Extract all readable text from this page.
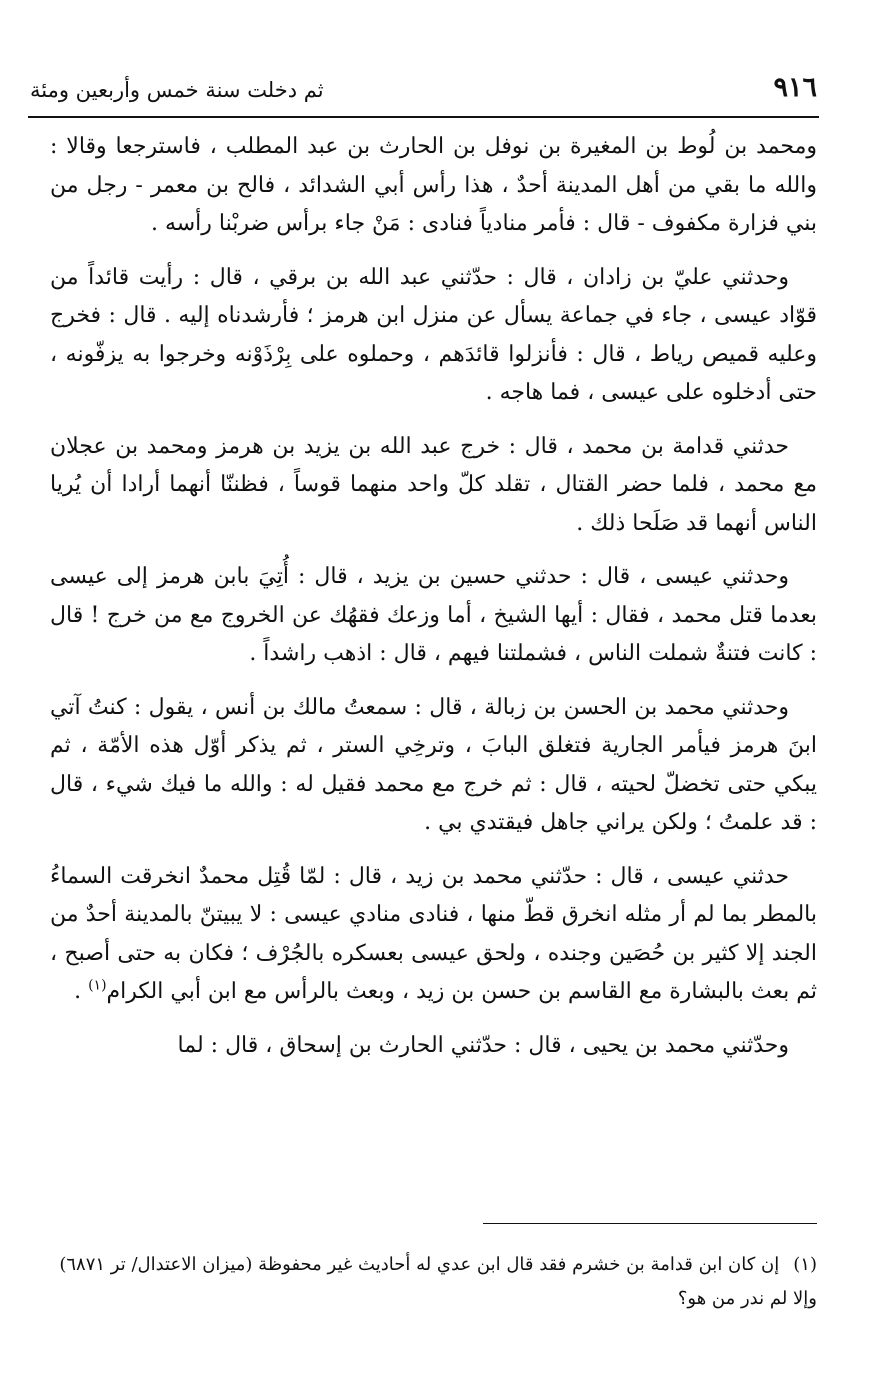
٩١٦
ثم دخلت سنة خمس وأربعين ومئة

ومحمد بن لُوط بن المغيرة بن نوفل بن الحارث بن عبد المطلب ، فاسترجعا وقالا : والله ما بقي من أهل المدينة أحدٌ ، هذا رأس أبي الشدائد ، فالح بن معمر - رجل من بني فزارة مكفوف - قال : فأمر منادياً فنادى : مَنْ جاء برأس ضربْنا رأسه .

وحدثني عليّ بن زادان ، قال : حدّثني عبد الله بن برقي ، قال : رأيت قائداً من قوّاد عيسى ، جاء في جماعة يسأل عن منزل ابن هرمز ؛ فأرشدناه إليه . قال : فخرج وعليه قميص رياط ، قال : فأنزلوا قائدَهم ، وحملوه على بِرْذَوْنه وخرجوا به يزفّونه ، حتى أدخلوه على عيسى ، فما هاجه .

حدثني قدامة بن محمد ، قال : خرج عبد الله بن يزيد بن هرمز ومحمد بن عجلان مع محمد ، فلما حضر القتال ، تقلد كلّ واحد منهما قوساً ، فظننّا أنهما أرادا أن يُريا الناس أنهما قد صَلَحا ذلك .

وحدثني عيسى ، قال : حدثني حسين بن يزيد ، قال : أُتِيَ بابن هرمز إلى عيسى بعدما قتل محمد ، فقال : أيها الشيخ ، أما وزعك فقهُك عن الخروج مع من خرج ! قال : كانت فتنةٌ شملت الناس ، فشملتنا فيهم ، قال : اذهب راشداً .

وحدثني محمد بن الحسن بن زبالة ، قال : سمعتُ مالك بن أنس ، يقول : كنتُ آتي ابنَ هرمز فيأمر الجارية فتغلق البابَ ، وترخِي الستر ، ثم يذكر أوّل هذه الأمّة ، ثم يبكي حتى تخضلّ لحيته ، قال : ثم خرج مع محمد فقيل له : والله ما فيك شيء ، قال : قد علمتُ ؛ ولكن يراني جاهل فيقتدي بي .

حدثني عيسى ، قال : حدّثني محمد بن زيد ، قال : لمّا قُتِل محمدٌ انخرقت السماءُ بالمطر بما لم أر مثله انخرق قطّ منها ، فنادى منادي عيسى : لا يبيتنّ بالمدينة أحدٌ من الجند إلا كثير بن حُصَين وجنده ، ولحق عيسى بعسكره بالجُرْف ؛ فكان به حتى أصبح ، ثم بعث بالبشارة مع القاسم بن حسن بن زيد ، وبعث بالرأس مع ابن أبي الكرام$^{(١)}$ .

وحدّثني محمد بن يحيى ، قال : حدّثني الحارث بن إسحاق ، قال : لما

(١)إن كان ابن قدامة بن خشرم فقد قال ابن عدي له أحاديث غير محفوظة (ميزان الاعتدال/ تر ٦٨٧١) وإلا لم ندر من هو؟
